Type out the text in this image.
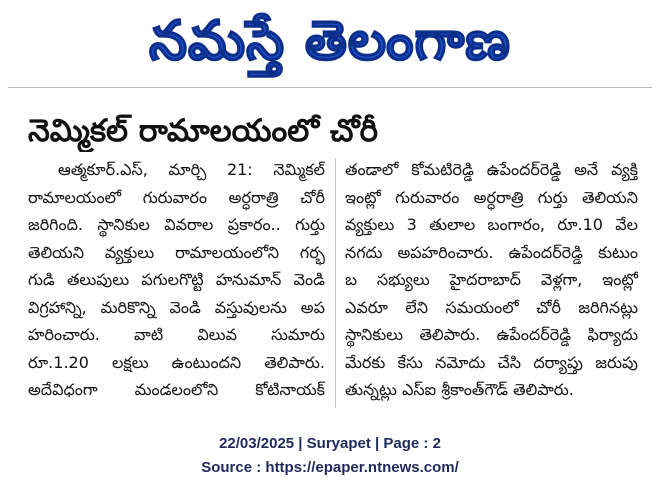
నమస్తే తెలంగాణ
నెమ్మికల్ రామాలయంలో చోరీ
ఆత్మకూర్.ఎస్, మార్చి 21: నెమ్మికల్
రామాలయంలో గురువారం అర్ధరాత్రి చోరీ
జరిగింది. స్థానికుల వివరాల ప్రకారం.. గుర్తు
తెలియని వ్యక్తులు రామాలయంలోని గర్భ
గుడి తలుపులు పగులగొట్టి హనుమాన్ వెండి
విగ్రహాన్ని, మరికొన్ని వెండి వస్తువులను అప
హరించారు. వాటి విలువ సుమారు
రూ.1.20 లక్షలు ఉంటుందని తెలిపారు.
అదేవిధంగా మండలంలోని కోటినాయక్
తండాలో కోమటిరెడ్డి ఉపేందర్‌రెడ్డి అనే వ్యక్తి
ఇంట్లో గురువారం అర్ధరాత్రి గుర్తు తెలియని
వ్యక్తులు 3 తులాల బంగారం, రూ.10 వేల
నగదు అపహరించారు. ఉపేందర్‌రెడ్డి కుటుం
బ సభ్యులు హైదరాబాద్ వెళ్లగా, ఇంట్లో
ఎవరూ లేని సమయంలో చోరీ జరిగినట్లు
స్థానికులు తెలిపారు. ఉపేందర్‌రెడ్డి ఫిర్యాదు
మేరకు కేసు నమోదు చేసి దర్యాప్తు జరుపు
తున్నట్లు ఎస్ఐ శ్రీకాంత్‌గౌడ్ తెలిపారు.
22/03/2025 | Suryapet | Page : 2
Source : https://epaper.ntnews.com/
